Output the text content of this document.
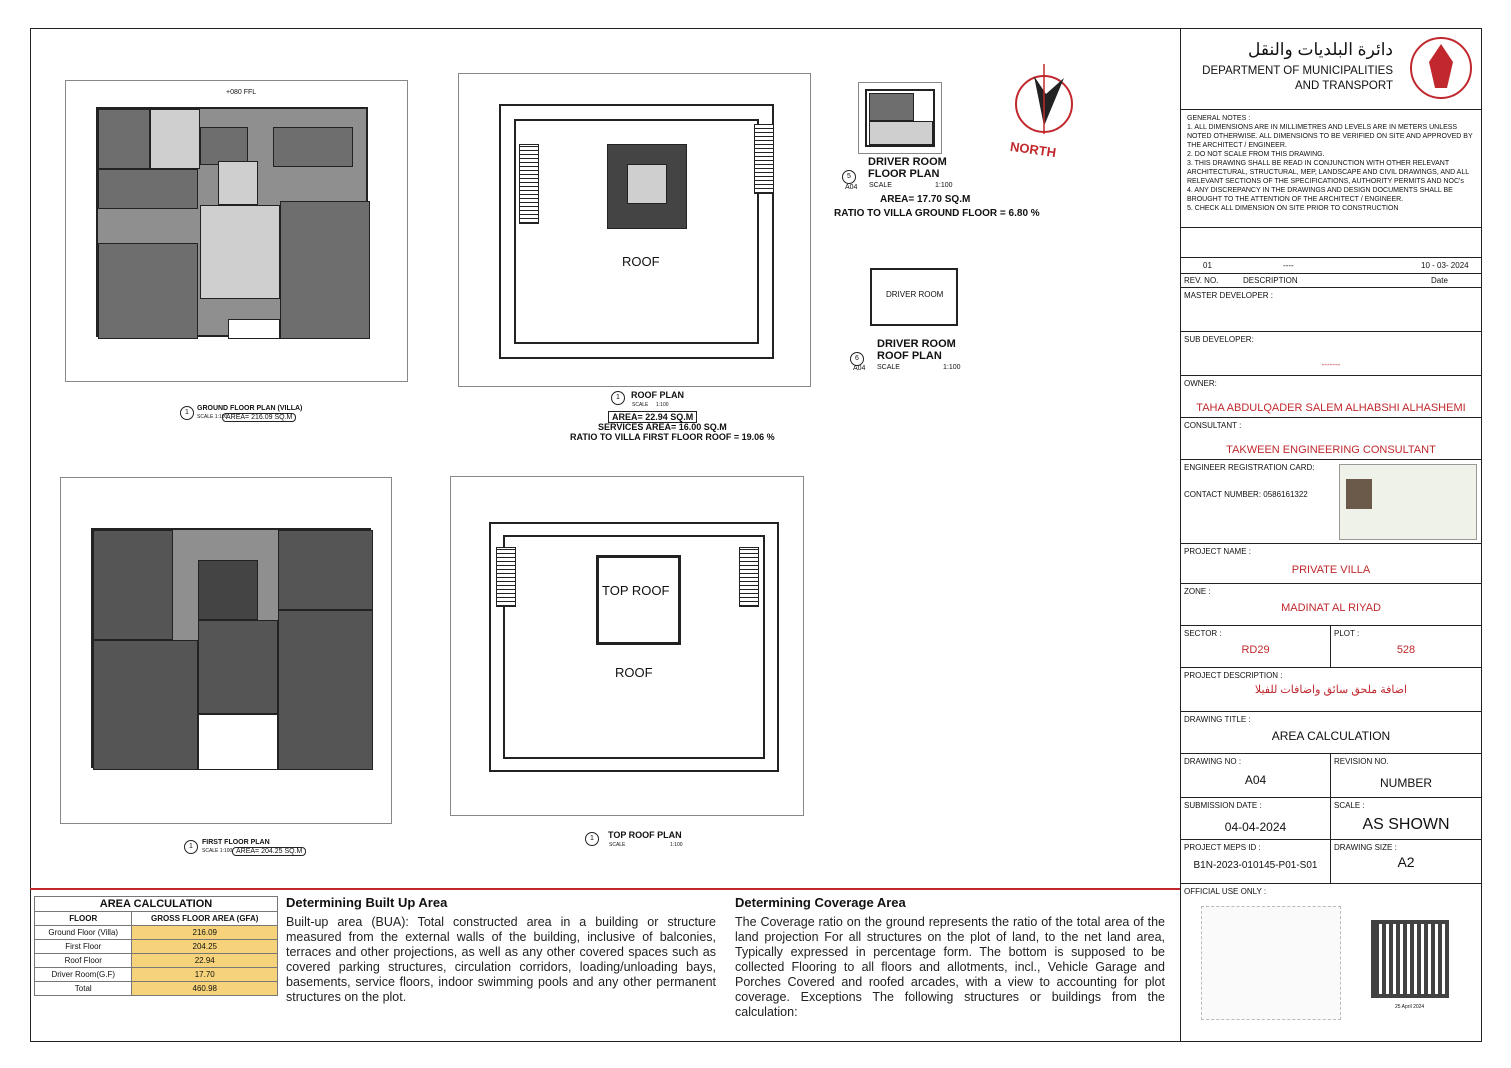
+080 FFL
1
GROUND FLOOR PLAN (VILLA)
SCALE 1:100
AREA= 216.09 SQ.M
ROOF
1	ROOF PLAN
SCALE 1:100
AREA= 22.94 SQ.M
SERVICES AREA= 16.00 SQ.M
RATIO TO VILLA FIRST FLOOR ROOF = 19.06 %
5
A04
DRIVER ROOM
FLOOR PLAN
SCALE	1:100
AREA= 17.70 SQ.M
RATIO TO VILLA GROUND FLOOR = 6.80 %
NORTH
DRIVER ROOM
6
A04
DRIVER ROOM
ROOF PLAN
SCALE	1:100
1
FIRST FLOOR PLAN
SCALE 1:100 AREA= 204.25 SQ.M
TOP ROOF
ROOF
1	TOP ROOF PLAN
SCALE	1:100
AREA CALCULATION	
FLOOR	GROSS FLOOR AREA (GFA)
Ground Floor (Villa)	216.09
First Floor	204.25
Roof Floor	22.94
Driver Room(G.F)	17.70
Total	460.98
Determining Built Up Area

Built-up area (BUA): Total constructed area in a building or structure measured from the external walls of the building, inclusive of balconies, terraces and other projections, as well as any other covered spaces such as covered parking structures, circulation corridors, loading/unloading bays, basements, service floors, indoor swimming pools and any other permanent structures on the plot.

Determining Coverage Area

The Coverage ratio on the ground represents the ratio of the total area of the land projection For all structures on the plot of land, to the net land area, Typically expressed in percentage form. The bottom is supposed to be collected Flooring to all floors and allotments, incl., Vehicle Garage and Porches Covered and roofed arcades, with a view to accounting for plot coverage. Exceptions The following structures or buildings from the calculation:

دائرة البلديات والنقل
DEPARTMENT OF MUNICIPALITIES
AND TRANSPORT
GENERAL NOTES :
1. ALL DIMENSIONS ARE IN MILLIMETRES AND LEVELS ARE IN METERS UNLESS NOTED OTHERWISE. ALL DIMENSIONS TO BE VERIFIED ON SITE AND APPROVED BY THE ARCHITECT / ENGINEER.
2. DO NOT SCALE FROM THIS DRAWING.
3. THIS DRAWING SHALL BE READ IN CONJUNCTION WITH OTHER RELEVANT ARCHITECTURAL, STRUCTURAL, MEP, LANDSCAPE AND CIVIL DRAWINGS, AND ALL RELEVANT SECTIONS OF THE SPECIFICATIONS, AUTHORITY PERMITS AND NOC's
4. ANY DISCREPANCY IN THE DRAWINGS AND DESIGN DOCUMENTS SHALL BE BROUGHT TO THE ATTENTION OF THE ARCHITECT / ENGINEER.
5. CHECK ALL DIMENSION ON SITE PRIOR TO CONSTRUCTION
01	----	10 - 03- 2024
REV. NO.	DESCRIPTION	Date
MASTER DEVELOPER :
SUB DEVELOPER:
-------
OWNER:
TAHA ABDULQADER SALEM ALHABSHI ALHASHEMI
CONSULTANT :
TAKWEEN ENGINEERING CONSULTANT
ENGINEER REGISTRATION CARD:
CONTACT NUMBER: 0586161322
PROJECT NAME :
PRIVATE VILLA
ZONE :
MADINAT AL RIYAD
SECTOR :
RD29
PLOT :
528
PROJECT DESCRIPTION :
اضافة ملحق سائق واضافات للفيلا
DRAWING TITLE :
AREA CALCULATION
DRAWING NO :
A04
REVISION NO.
NUMBER
SUBMISSION DATE :
04-04-2024
SCALE :
AS SHOWN
PROJECT MEPS ID :
B1N-2023-010145-P01-S01
DRAWING SIZE :
A2
OFFICIAL USE ONLY :
25 April 2024
